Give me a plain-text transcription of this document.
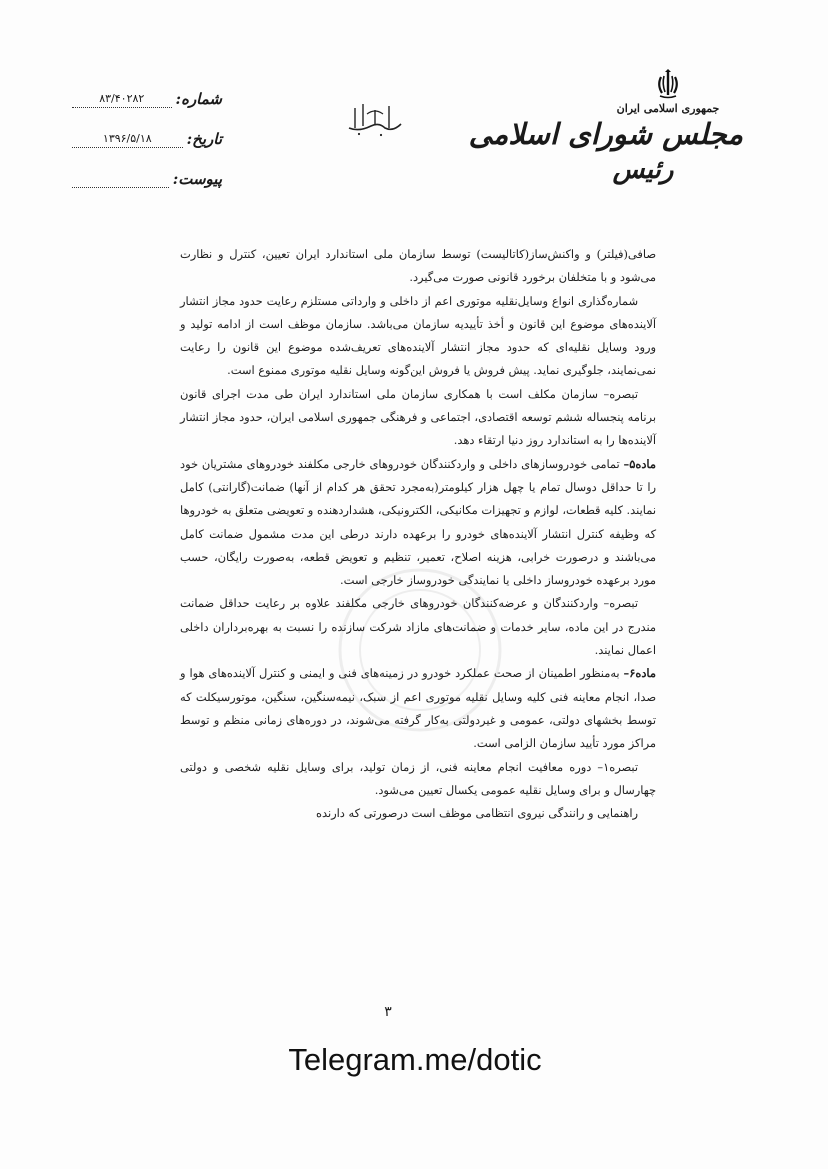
شماره:
۸۳/۴۰۲۸۲
تاریخ:
۱۳۹۶/۵/۱۸
پیوست:
جمهوری اسلامی ایران
مجلس شورای اسلامی
رئیس

صافی(فیلتر) و واکنش‌ساز(کاتالیست) توسط سازمان ملی استاندارد ایران تعیین، کنترل و نظارت می‌شود و با متخلفان برخورد قانونی صورت می‌گیرد.

شماره‌گذاری انواع وسایل‌نقلیه موتوری اعم از داخلی و وارداتی مستلزم رعایت حدود مجاز انتشار آلاینده‌های موضوع این قانون و أخذ تأییدیه سازمان می‌باشد. سازمان موظف است از ادامه تولید و ورود وسایل نقلیه‌ای که حدود مجاز انتشار آلاینده‌های تعریف‌شده موضوع این قانون را رعایت نمی‌نمایند، جلوگیری نماید. پیش فروش یا فروش این‌گونه وسایل نقلیه موتوری ممنوع است.

تبصره– سازمان مکلف است با همکاری سازمان ملی استاندارد ایران طی مدت اجرای قانون برنامه پنجساله ششم توسعه اقتصادی، اجتماعی و فرهنگی جمهوری اسلامی ایران، حدود مجاز انتشار آلاینده‌ها را به استاندارد روز دنیا ارتقاء دهد.

ماده۵– تمامی خودروسازهای داخلی و واردکنندگان خودروهای خارجی مکلفند خودروهای مشتریان خود را تا حداقل دوسال تمام یا چهل هزار کیلومتر(به‌مجرد تحقق هر کدام از آنها) ضمانت(گارانتی) کامل نمایند. کلیه قطعات، لوازم و تجهیزات مکانیکی، الکترونیکی، هشداردهنده و تعویضی متعلق به خودروها که وظیفه کنترل انتشار آلاینده‌های خودرو را برعهده دارند درطی این مدت مشمول ضمانت کامل می‌باشند و درصورت خرابی، هزینه اصلاح، تعمیر، تنظیم و تعویض قطعه، به‌صورت رایگان، حسب مورد برعهده خودروساز داخلی یا نمایندگی خودروساز خارجی است.

تبصره– واردکنندگان و عرضه‌کنندگان خودروهای خارجی مکلفند علاوه بر رعایت حداقل ضمانت مندرج در این ماده، سایر خدمات و ضمانت‌های مازاد شرکت سازنده را نسبت به بهره‌برداران داخلی اعمال نمایند.

ماده۶– به‌منظور اطمینان از صحت عملکرد خودرو در زمینه‌های فنی و ایمنی و کنترل آلاینده‌های هوا و صدا، انجام معاینه فنی کلیه وسایل نقلیه موتوری اعم از سبک، نیمه‌سنگین، سنگین، موتورسیکلت که توسط بخشهای دولتی، عمومی و غیردولتی به‌کار گرفته می‌شوند، در دوره‌های زمانی منظم و توسط مراکز مورد تأیید سازمان الزامی است.

تبصره۱– دوره معافیت انجام معاینه فنی، از زمان تولید، برای وسایل نقلیه شخصی و دولتی چهارسال و برای وسایل نقلیه عمومی یکسال تعیین می‌شود.

راهنمایی و رانندگی نیروی انتظامی موظف است درصورتی که دارنده

۳
Telegram.me/dotic
